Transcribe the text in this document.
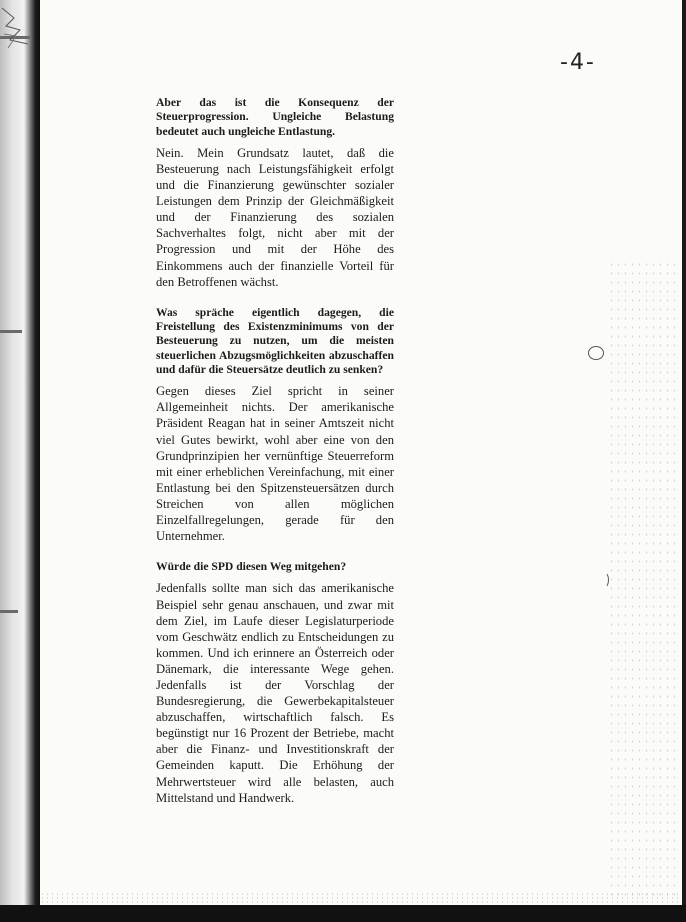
-4-

Aber das ist die Konsequenz der Steuerprogression. Ungleiche Belastung bedeutet auch ungleiche Entlastung.

Nein. Mein Grundsatz lautet, daß die Besteuerung nach Leistungsfähigkeit erfolgt und die Finanzierung gewünschter sozialer Leistungen dem Prinzip der Gleichmäßigkeit und der Finanzierung des sozialen Sachverhaltes folgt, nicht aber mit der Progression und mit der Höhe des Einkommens auch der finanzielle Vorteil für den Betroffenen wächst.

Was spräche eigentlich dagegen, die Freistellung des Existenzminimums von der Besteuerung zu nutzen, um die meisten steuerlichen Abzugsmöglichkeiten abzuschaffen und dafür die Steuersätze deutlich zu senken?

Gegen dieses Ziel spricht in seiner Allgemeinheit nichts. Der amerikanische Präsident Reagan hat in seiner Amtszeit nicht viel Gutes bewirkt, wohl aber eine von den Grundprinzipien her vernünftige Steuerreform mit einer erheblichen Vereinfachung, mit einer Entlastung bei den Spitzensteuersätzen durch Streichen von allen möglichen Einzelfallregelungen, gerade für den Unternehmer.

Würde die SPD diesen Weg mitgehen?

Jedenfalls sollte man sich das amerikanische Beispiel sehr genau anschauen, und zwar mit dem Ziel, im Laufe dieser Legislaturperiode vom Geschwätz endlich zu Entscheidungen zu kommen. Und ich erinnere an Österreich oder Dänemark, die interessante Wege gehen. Jedenfalls ist der Vorschlag der Bundesregierung, die Gewerbekapitalsteuer abzuschaffen, wirtschaftlich falsch. Es begünstigt nur 16 Prozent der Betriebe, macht aber die Finanz- und Investitionskraft der Gemeinden kaputt. Die Erhöhung der Mehrwertsteuer wird alle belasten, auch Mittelstand und Handwerk.
